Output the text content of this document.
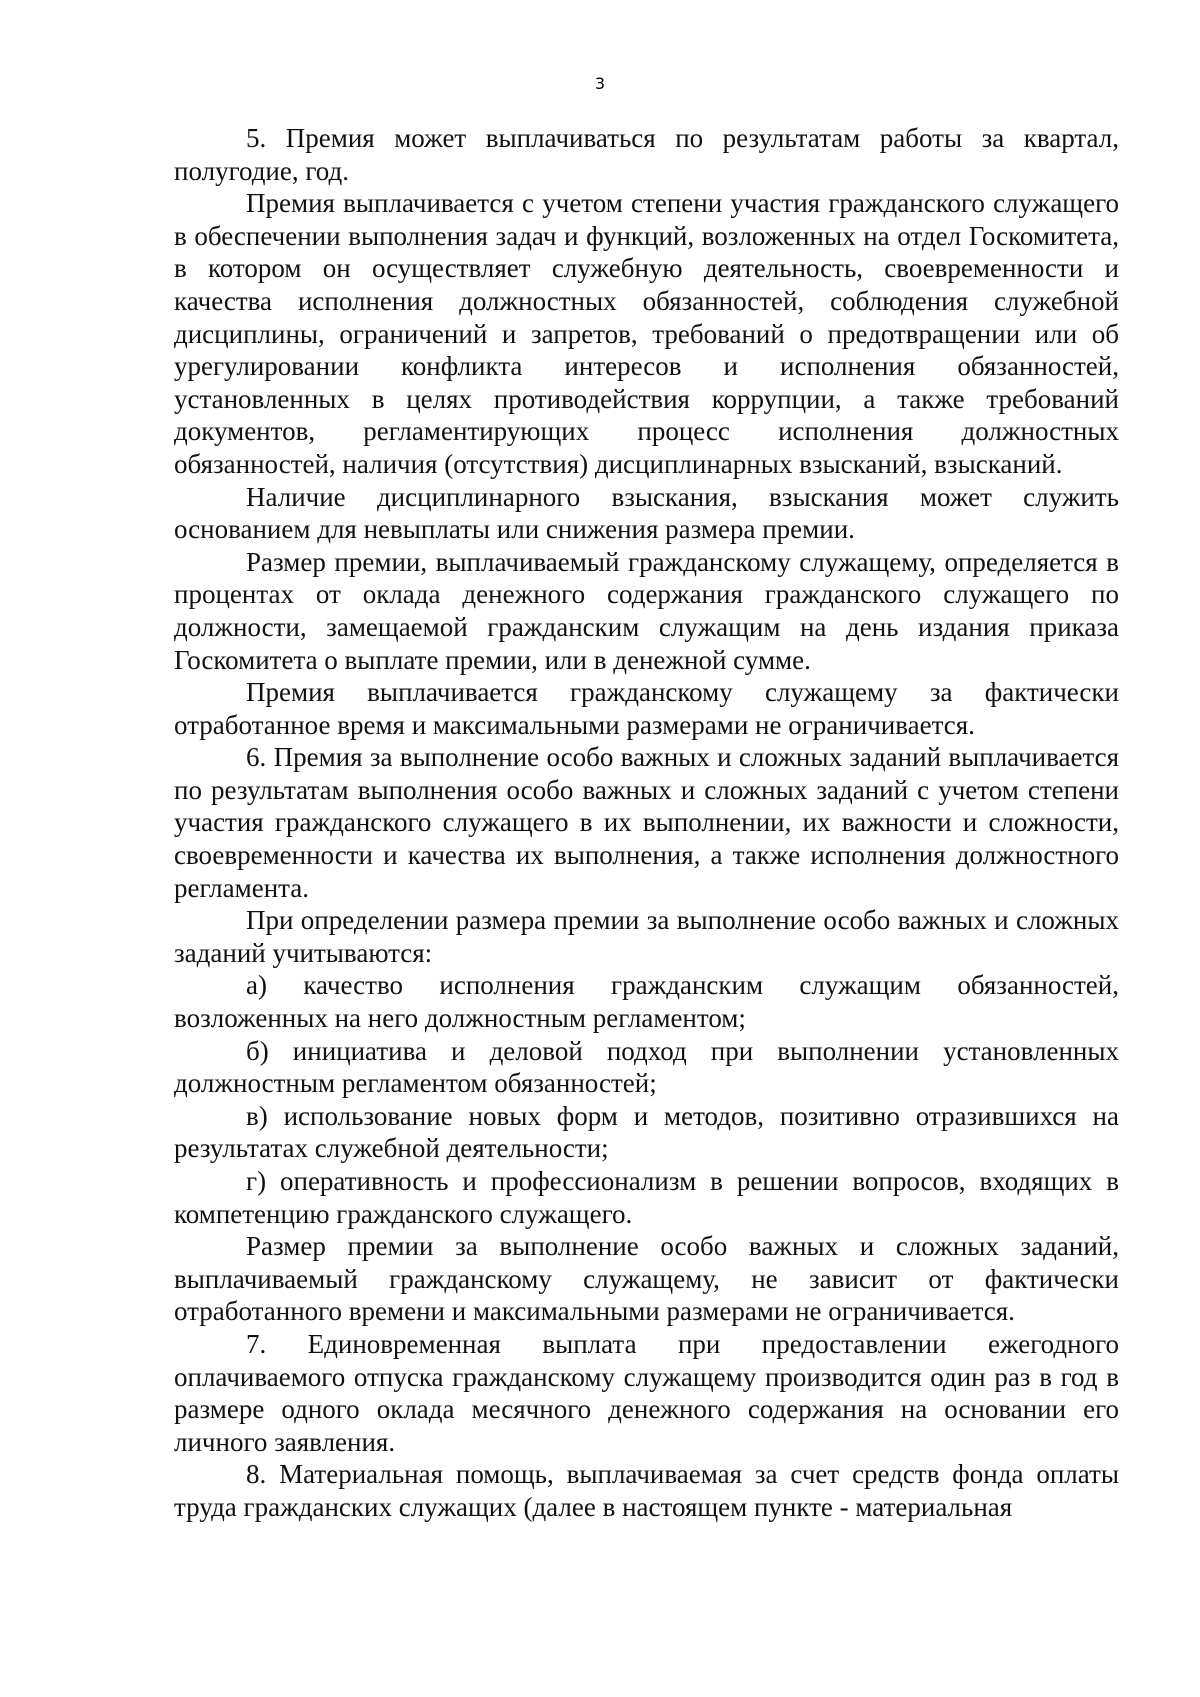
3

5. Премия может выплачиваться по результатам работы за квартал, полугодие, год.

Премия выплачивается с учетом степени участия гражданского служащего в обеспечении выполнения задач и функций, возложенных на отдел Госкомитета, в котором он осуществляет служебную деятельность, своевременности и качества исполнения должностных обязанностей, соблюдения служебной дисциплины, ограничений и запретов, требований о предотвращении или об урегулировании конфликта интересов и исполнения обязанностей, установленных в целях противодействия коррупции, а также требований документов, регламентирующих процесс исполнения должностных обязанностей, наличия (отсутствия) дисциплинарных взысканий, взысканий.

Наличие дисциплинарного взыскания, взыскания может служить основанием для невыплаты или снижения размера премии.

Размер премии, выплачиваемый гражданскому служащему, определяется в процентах от оклада денежного содержания гражданского служащего по должности, замещаемой гражданским служащим на день издания приказа Госкомитета о выплате премии, или в денежной сумме.

Премия выплачивается гражданскому служащему за фактически отработанное время и максимальными размерами не ограничивается.

6. Премия за выполнение особо важных и сложных заданий выплачивается по результатам выполнения особо важных и сложных заданий с учетом степени участия гражданского служащего в их выполнении, их важности и сложности, своевременности и качества их выполнения, а также исполнения должностного регламента.

При определении размера премии за выполнение особо важных и сложных заданий учитываются:

а) качество исполнения гражданским служащим обязанностей, возложенных на него должностным регламентом;

б) инициатива и деловой подход при выполнении установленных должностным регламентом обязанностей;

в) использование новых форм и методов, позитивно отразившихся на результатах служебной деятельности;

г) оперативность и профессионализм в решении вопросов, входящих в компетенцию гражданского служащего.

Размер премии за выполнение особо важных и сложных заданий, выплачиваемый гражданскому служащему, не зависит от фактически отработанного времени и максимальными размерами не ограничивается.

7. Единовременная выплата при предоставлении ежегодного оплачиваемого отпуска гражданскому служащему производится один раз в год в размере одного оклада месячного денежного содержания на основании его личного заявления.

8. Материальная помощь, выплачиваемая за счет средств фонда оплаты труда гражданских служащих (далее в настоящем пункте - материальная
